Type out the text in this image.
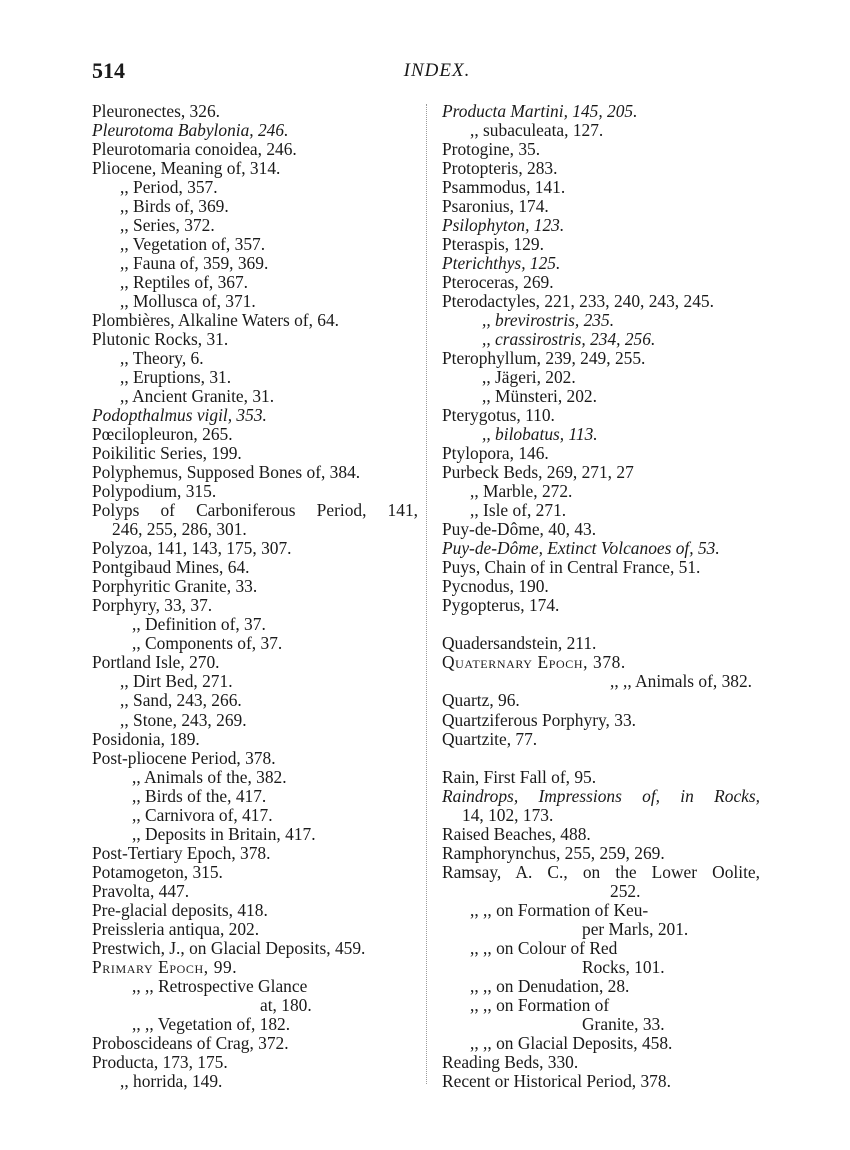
514	INDEX.
Pleuronectes, 326.
Pleurotoma Babylonia, 246.
Pleurotomaria conoidea, 246.
Pliocene, Meaning of, 314.
,, Period, 357.
,, Birds of, 369.
,, Series, 372.
,, Vegetation of, 357.
,, Fauna of, 359, 369.
,, Reptiles of, 367.
,, Mollusca of, 371.
Plombières, Alkaline Waters of, 64.
Plutonic Rocks, 31.
,, Theory, 6.
,, Eruptions, 31.
,, Ancient Granite, 31.
Podopthalmus vigil, 353.
Pœcilopleuron, 265.
Poikilitic Series, 199.
Polyphemus, Supposed Bones of, 384.
Polypodium, 315.
Polyps of Carboniferous Period, 141,
246, 255, 286, 301.
Polyzoa, 141, 143, 175, 307.
Pontgibaud Mines, 64.
Porphyritic Granite, 33.
Porphyry, 33, 37.
,, Definition of, 37.
,, Components of, 37.
Portland Isle, 270.
,, Dirt Bed, 271.
,, Sand, 243, 266.
,, Stone, 243, 269.
Posidonia, 189.
Post-pliocene Period, 378.
,, Animals of the, 382.
,, Birds of the, 417.
,, Carnivora of, 417.
,, Deposits in Britain, 417.
Post-Tertiary Epoch, 378.
Potamogeton, 315.
Pravolta, 447.
Pre-glacial deposits, 418.
Preissleria antiqua, 202.
Prestwich, J., on Glacial Deposits, 459.
Primary Epoch, 99.
,, ,, Retrospective Glance
at, 180.
,, ,, Vegetation of, 182.
Proboscideans of Crag, 372.
Producta, 173, 175.
,, horrida, 149.
Producta Martini, 145, 205.
,, subaculeata, 127.
Protogine, 35.
Protopteris, 283.
Psammodus, 141.
Psaronius, 174.
Psilophyton, 123.
Pteraspis, 129.
Pterichthys, 125.
Pteroceras, 269.
Pterodactyles, 221, 233, 240, 243, 245.
,, brevirostris, 235.
,, crassirostris, 234, 256.
Pterophyllum, 239, 249, 255.
,, Jägeri, 202.
,, Münsteri, 202.
Pterygotus, 110.
,, bilobatus, 113.
Ptylopora, 146.
Purbeck Beds, 269, 271, 27
,, Marble, 272.
,, Isle of, 271.
Puy-de-Dôme, 40, 43.
Puy-de-Dôme, Extinct Volcanoes of, 53.
Puys, Chain of in Central France, 51.
Pycnodus, 190.
Pygopterus, 174.
Quadersandstein, 211.
Quaternary Epoch, 378.
,, ,, Animals of, 382.
Quartz, 96.
Quartziferous Porphyry, 33.
Quartzite, 77.
Rain, First Fall of, 95.
Raindrops, Impressions of, in Rocks,
14, 102, 173.
Raised Beaches, 488.
Ramphorynchus, 255, 259, 269.
Ramsay, A. C., on the Lower Oolite,
252.
,, ,, on Formation of Keu-
per Marls, 201.
,, ,, on Colour of Red
Rocks, 101.
,, ,, on Denudation, 28.
,, ,, on Formation of
Granite, 33.
,, ,, on Glacial Deposits, 458.
Reading Beds, 330.
Recent or Historical Period, 378.
